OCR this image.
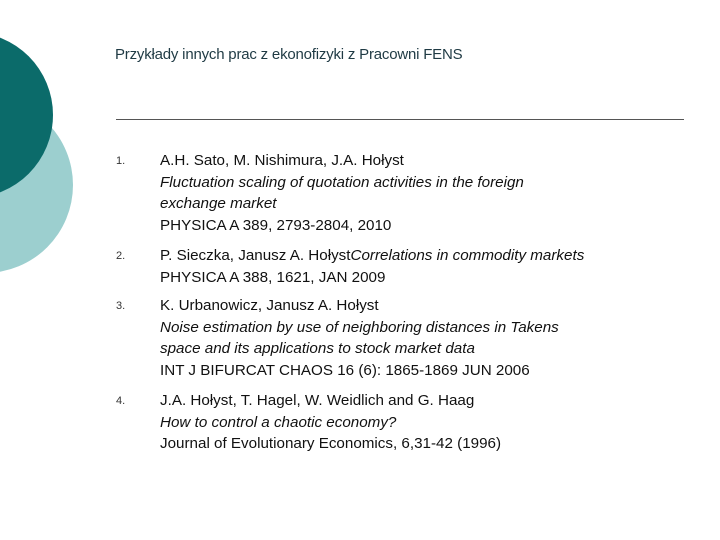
Przykłady innych prac z ekonofizyki z Pracowni FENS
1.	A.H. Sato, M. Nishimura, J.A. Hołyst
Fluctuation scaling of quotation activities in the foreign
exchange market
PHYSICA A 389, 2793-2804, 2010
2.	P. Sieczka, Janusz A. HołystCorrelations in commodity markets
PHYSICA A 388, 1621, JAN 2009
3.	K. Urbanowicz, Janusz A. Hołyst
Noise estimation by use of neighboring distances in Takens
space and its applications to stock market data
INT J BIFURCAT CHAOS 16 (6): 1865-1869 JUN 2006
4.	J.A. Hołyst, T. Hagel, W. Weidlich and G. Haag
How to control a chaotic economy?
Journal of Evolutionary Economics, 6,31-42 (1996)
